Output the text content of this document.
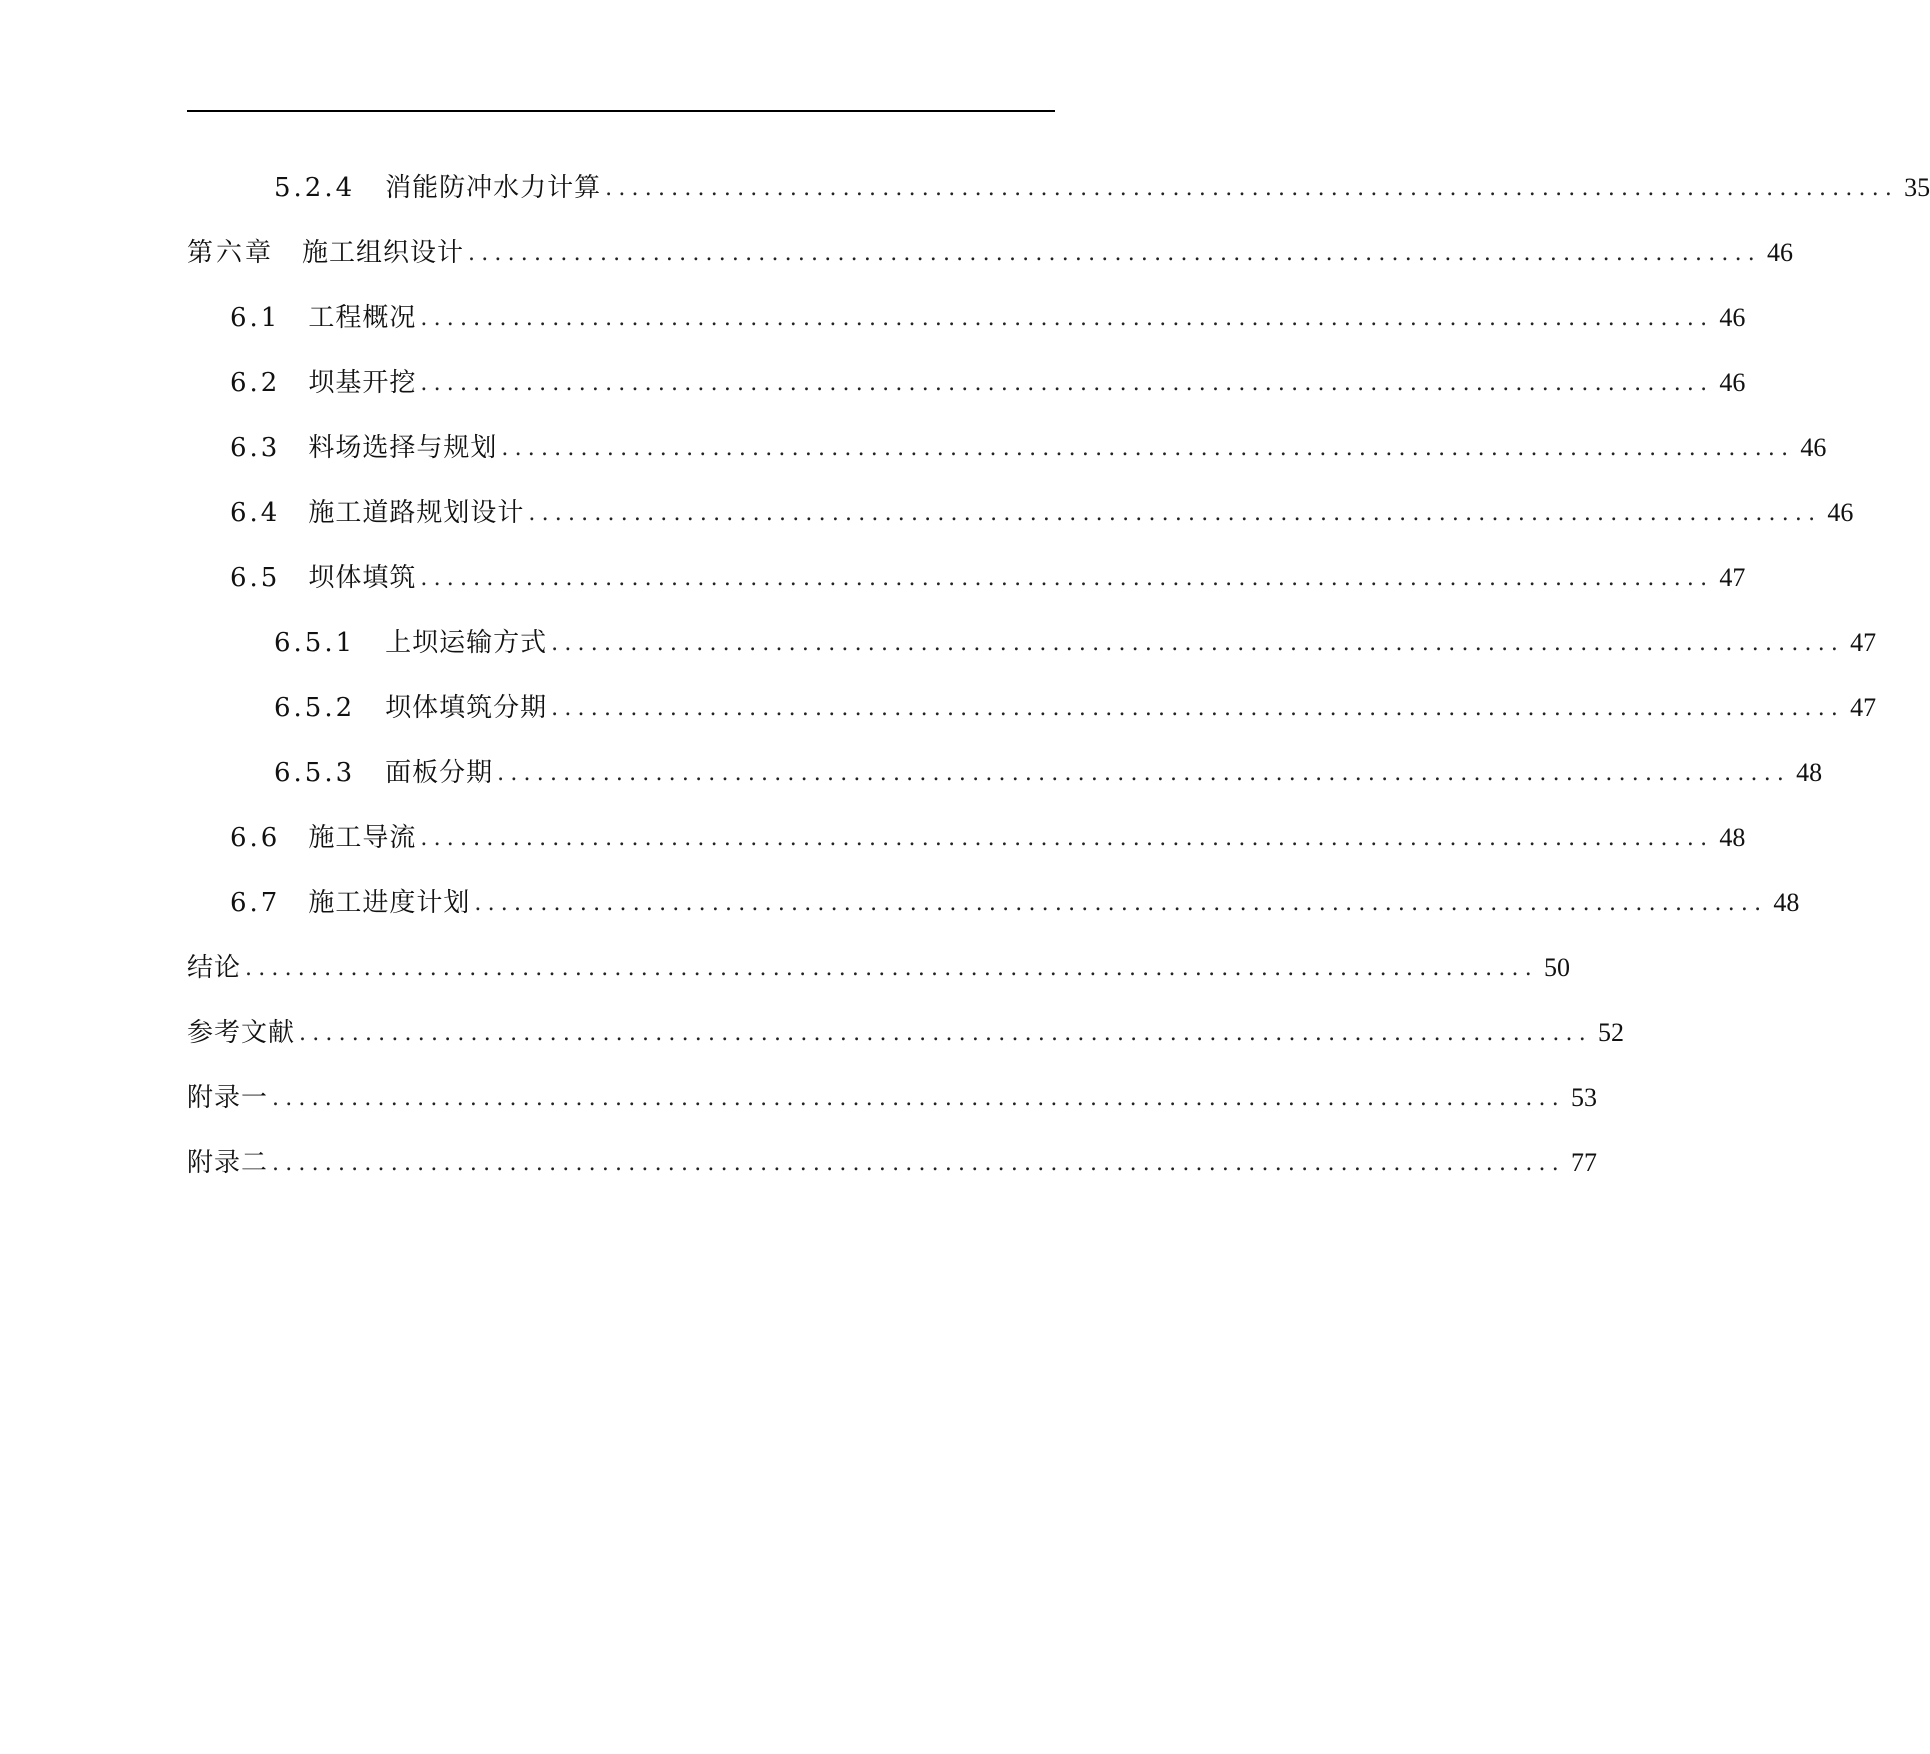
5.2.4 消能防冲水力计算 .................................................................................................. 35
第六章 施工组织设计 .................................................................................................. 46
6.1 工程概况 .................................................................................................. 46
6.2 坝基开挖 .................................................................................................. 46
6.3 料场选择与规划 .................................................................................................. 46
6.4 施工道路规划设计 .................................................................................................. 46
6.5 坝体填筑 .................................................................................................. 47
6.5.1 上坝运输方式 .................................................................................................. 47
6.5.2 坝体填筑分期 .................................................................................................. 47
6.5.3 面板分期 .................................................................................................. 48
6.6 施工导流 .................................................................................................. 48
6.7 施工进度计划 .................................................................................................. 48
结论 .................................................................................................. 50
参考文献 .................................................................................................. 52
附录一 .................................................................................................. 53
附录二 .................................................................................................. 77
